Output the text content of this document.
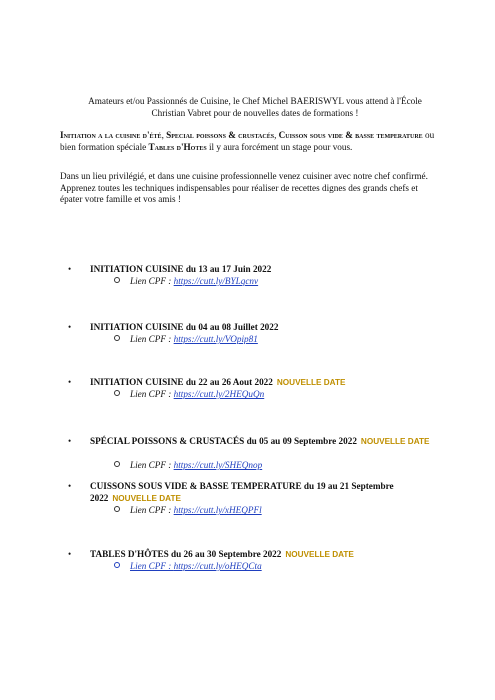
Amateurs et/ou Passionnés de Cuisine, le Chef Michel BAERISWYL vous attend à l'École
Christian Vabret pour de nouvelles dates de formations !
Initiation a la cuisine d'été, Special poissons & crustacés, Cuisson sous vide & basse temperature ou bien formation spéciale Tables d'Hotes il y aura forcément un stage pour vous.
Dans un lieu privilégié, et dans une cuisine professionnelle venez cuisiner avec notre chef confirmé. Apprenez toutes les techniques indispensables pour réaliser de recettes dignes des grands chefs et épater votre famille et vos amis !
• INITIATION CUISINE du 13 au 17 Juin 2022
Lien CPF : https://cutt.ly/BYLqcnv
• INITIATION CUISINE du 04 au 08 Juillet 2022
Lien CPF : https://cutt.ly/VOpip81
• INITIATION CUISINE du 22 au 26 Aout 2022 NOUVELLE DATE
Lien CPF : https://cutt.ly/2HEQuQn
• SPÉCIAL POISSONS & CRUSTACÉS du 05 au 09 Septembre 2022 NOUVELLE DATE
Lien CPF : https://cutt.ly/SHEQnop
• CUISSONS SOUS VIDE & BASSE TEMPERATURE du 19 au 21 Septembre 2022 NOUVELLE DATE
Lien CPF : https://cutt.ly/xHEQPFl
• TABLES D'HÔTES du 26 au 30 Septembre 2022 NOUVELLE DATE
Lien CPF : https://cutt.ly/oHEQCta
